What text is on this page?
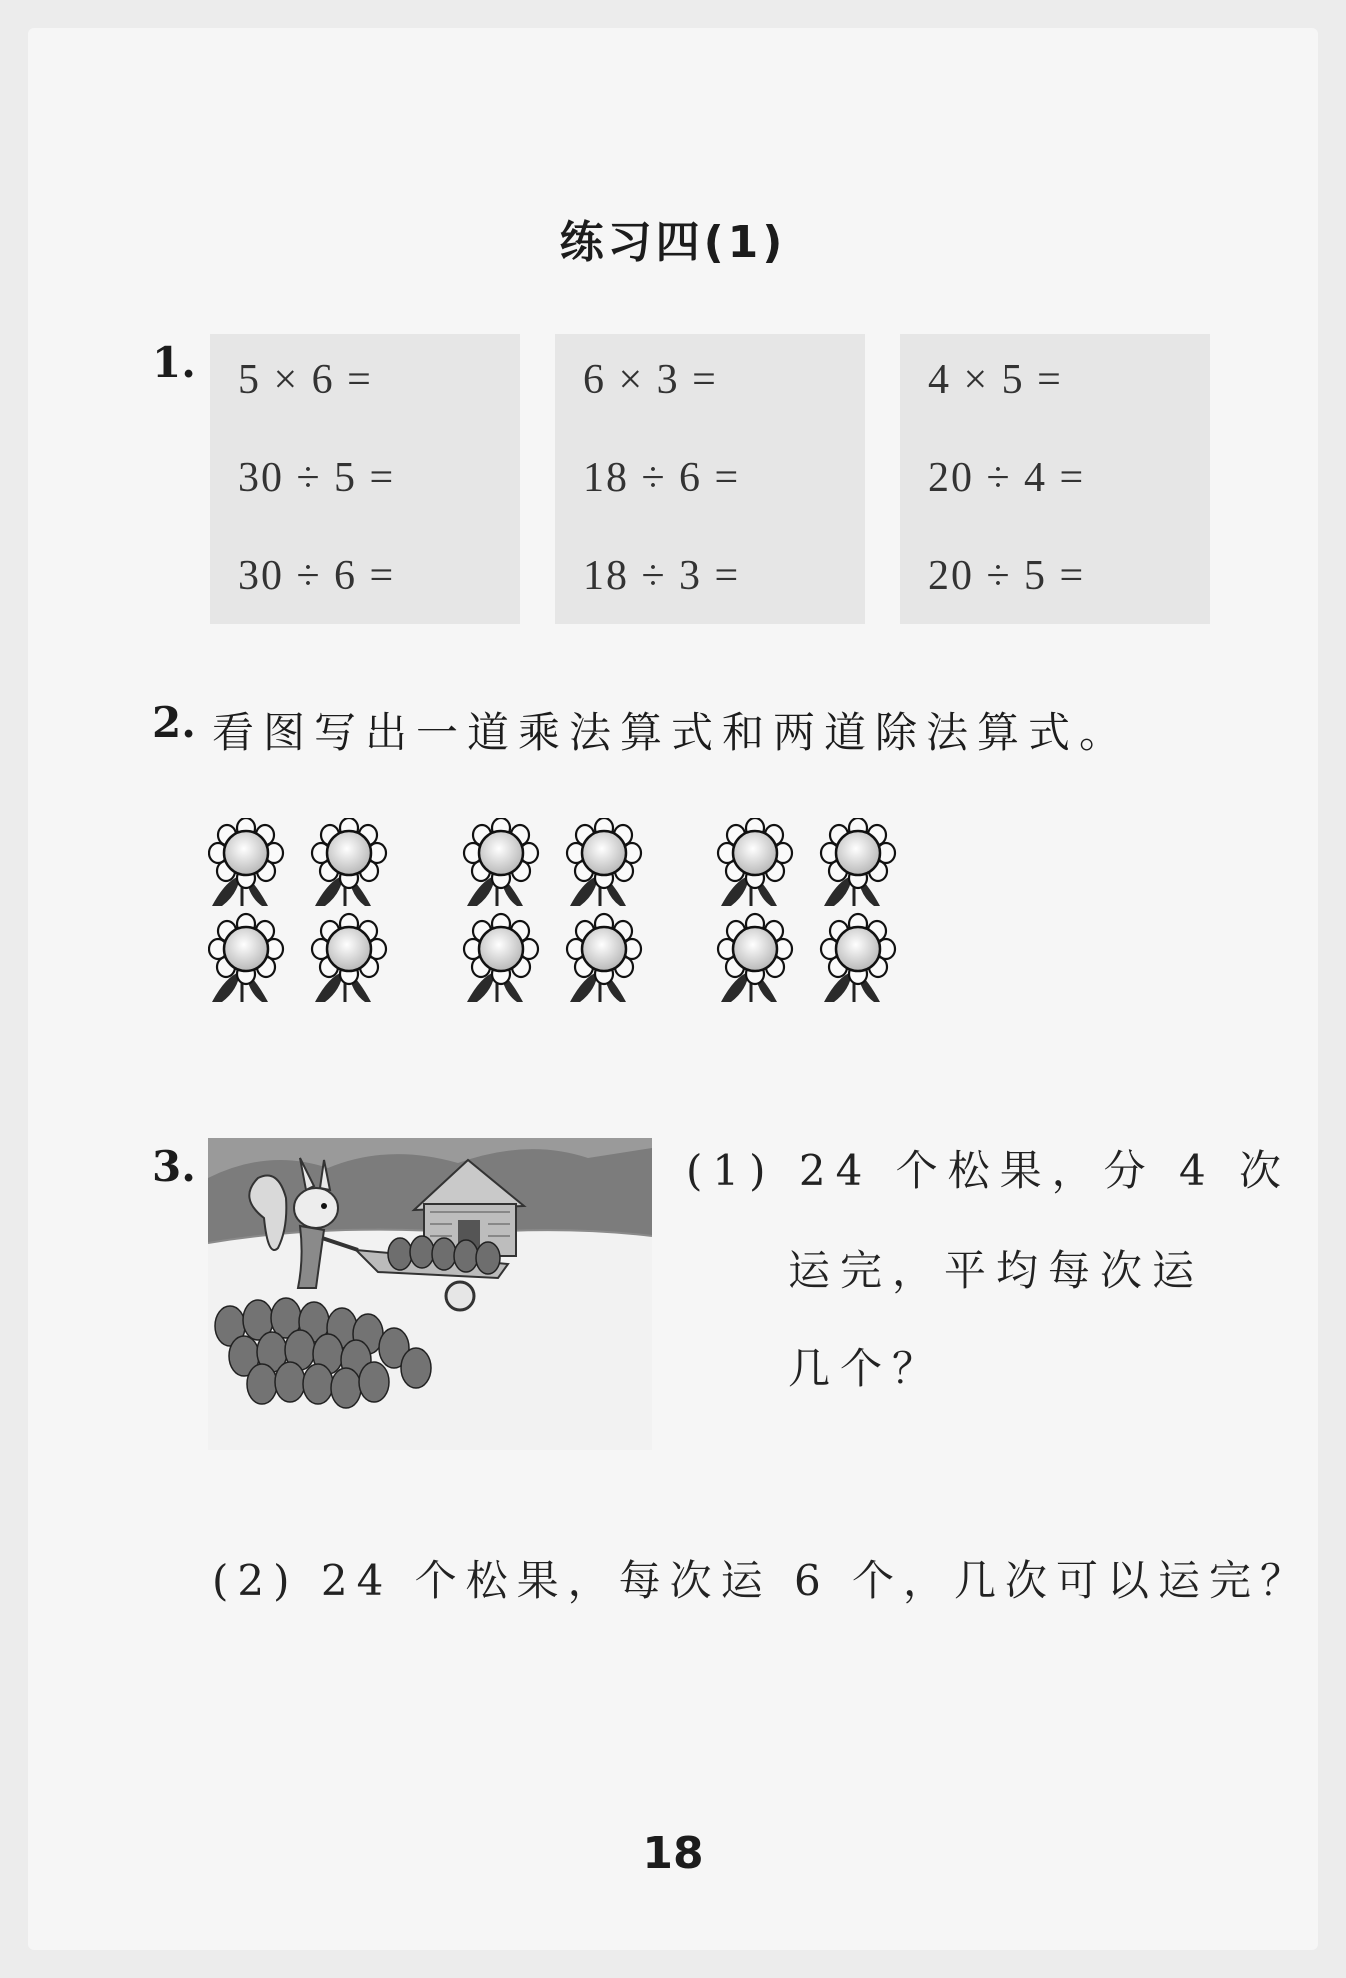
练习四(1)
1. 5 × 6 =
30 ÷ 5 =
30 ÷ 6 =
6 × 3 =
18 ÷ 6 =
18 ÷ 3 =
4 × 5 =
20 ÷ 4 =
20 ÷ 5 =
2. 看图写出一道乘法算式和两道除法算式。
3.	(1) 24 个松果，分 4 次
运完，平均每次运
几个？
(2) 24 个松果，每次运 6 个，几次可以运完？
18
